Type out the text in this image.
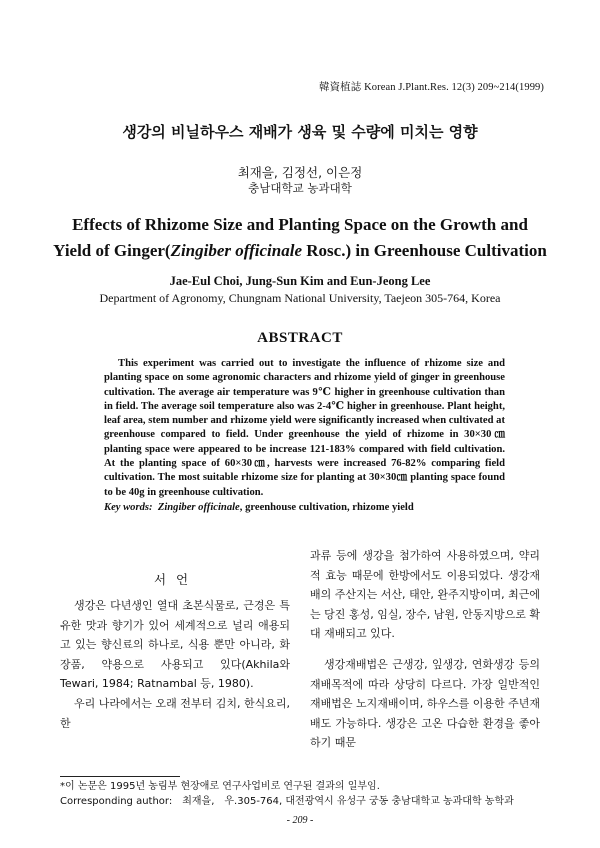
韓資植誌 Korean J.Plant.Res. 12(3) 209~214(1999)
생강의 비닐하우스 재배가 생육 및 수량에 미치는 영향
최재을, 김정선, 이은정
충남대학교 농과대학
Effects of Rhizome Size and Planting Space on the Growth and
Yield of Ginger(Zingiber officinale Rosc.) in Greenhouse Cultivation
Jae-Eul Choi, Jung-Sun Kim and Eun-Jeong Lee
Department of Agronomy, Chungnam National University, Taejeon 305-764, Korea
ABSTRACT

This experiment was carried out to investigate the influence of rhizome size and planting space on some agronomic characters and rhizome yield of ginger in greenhouse cultivation. The average air temperature was 9℃ higher in greenhouse cultivation than in field. The average soil temperature also was 2-4℃ higher in greenhouse. Plant height, leaf area, stem number and rhizome yield were significantly increased when cultivated at greenhouse compared to field. Under greenhouse the yield of rhizome in 30×30㎝ planting space were appeared to be increase 121-183% compared with field cultivation. At the planting space of 60×30㎝, harvests were increased 76-82% comparing field cultivation. The most suitable rhizome size for planting at 30×30㎝ planting space found to be 40g in greenhouse cultivation.

Key words: Zingiber officinale, greenhouse cultivation, rhizome yield
서 언

생강은 다년생인 열대 초본식물로, 근경은 특유한 맛과 향기가 있어 세계적으로 널리 애용되고 있는 향신료의 하나로, 식용 뿐만 아니라, 화장품, 약용으로 사용되고 있다(Akhila와 Tewari, 1984; Ratnambal 등, 1980).

우리 나라에서는 오래 전부터 김치, 한식요리, 한

과류 등에 생강을 첨가하여 사용하였으며, 약리적 효능 때문에 한방에서도 이용되었다. 생강재배의 주산지는 서산, 태안, 완주지방이며, 최근에는 당진 홍성, 임실, 장수, 남원, 안동지방으로 확대 재배되고 있다.

생강재배법은 근생강, 잎생강, 연화생강 등의 재배목적에 따라 상당히 다르다. 가장 일반적인 재배법은 노지재배이며, 하우스를 이용한 주년재배도 가능하다. 생강은 고온 다습한 환경을 좋아하기 때문

*이 논문은 1995년 농림부 현장애로 연구사업비로 연구된 결과의 일부임.
Corresponding author:　최재을,　우.305-764, 대전광역시 유성구 궁동 충남대학교 농과대학 농학과
- 209 -
